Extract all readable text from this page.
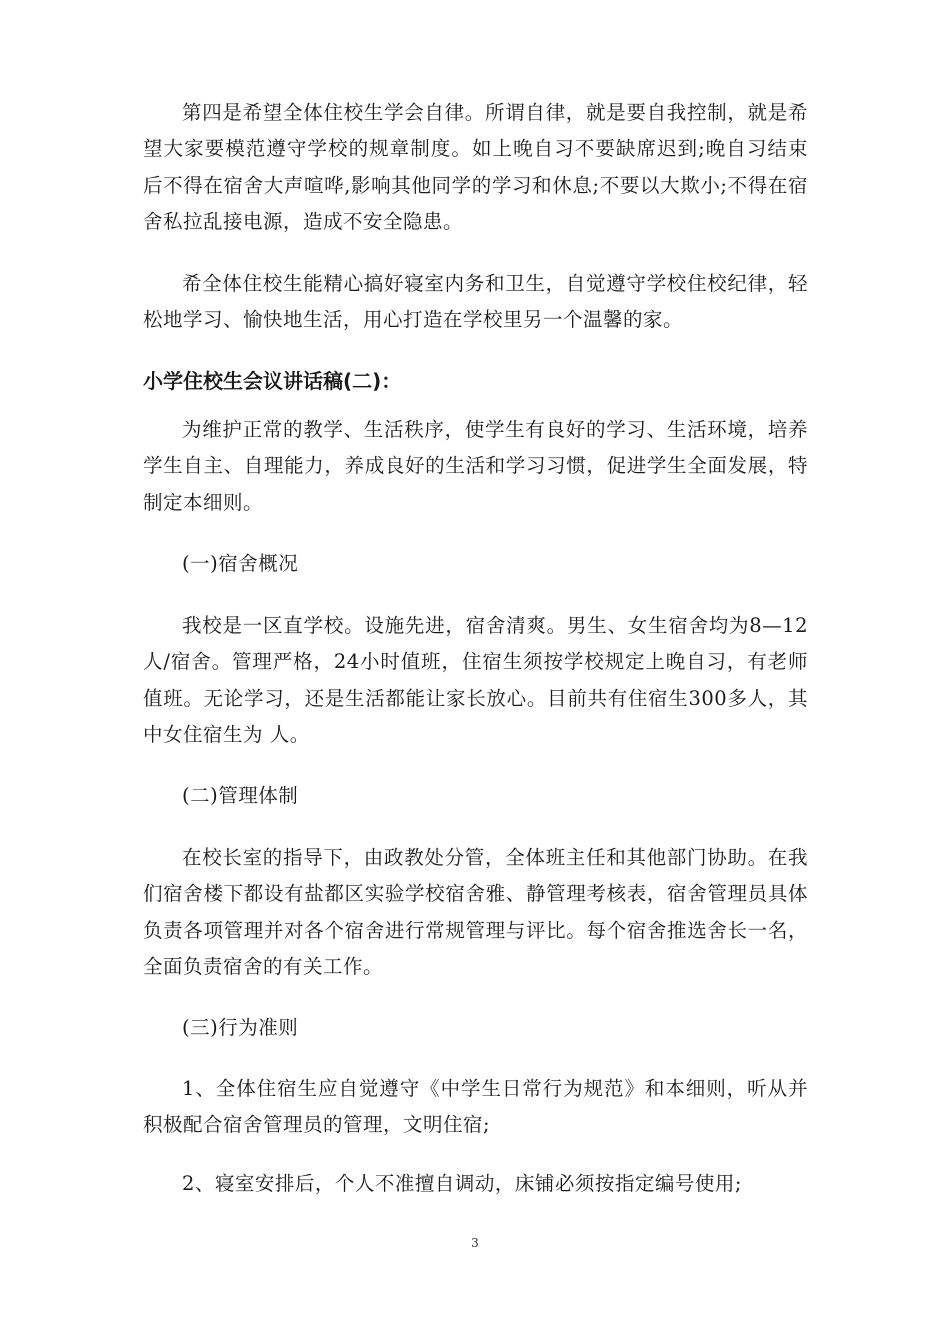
第四是希望全体住校生学会自律。所谓自律，就是要自我控制，就是希望大家要模范遵守学校的规章制度。如上晚自习不要缺席迟到;晚自习结束后不得在宿舍大声喧哗,影响其他同学的学习和休息;不要以大欺小;不得在宿舍私拉乱接电源，造成不安全隐患。

希全体住校生能精心搞好寝室内务和卫生，自觉遵守学校住校纪律，轻松地学习、愉快地生活，用心打造在学校里另一个温馨的家。

小学住校生会议讲话稿(二)：

为维护正常的教学、生活秩序，使学生有良好的学习、生活环境，培养学生自主、自理能力，养成良好的生活和学习习惯，促进学生全面发展，特制定本细则。

(一)宿舍概况

我校是一区直学校。设施先进，宿舍清爽。男生、女生宿舍均为8—12人/宿舍。管理严格，24小时值班，住宿生须按学校规定上晚自习，有老师值班。无论学习，还是生活都能让家长放心。目前共有住宿生300多人，其中女住宿生为 人。

(二)管理体制

在校长室的指导下，由政教处分管，全体班主任和其他部门协助。在我们宿舍楼下都设有盐都区实验学校宿舍雅、静管理考核表，宿舍管理员具体负责各项管理并对各个宿舍进行常规管理与评比。每个宿舍推选舍长一名，全面负责宿舍的有关工作。

(三)行为准则

1、全体住宿生应自觉遵守《中学生日常行为规范》和本细则，听从并积极配合宿舍管理员的管理，文明住宿;

2、寝室安排后，个人不准擅自调动，床铺必须按指定编号使用;

3
